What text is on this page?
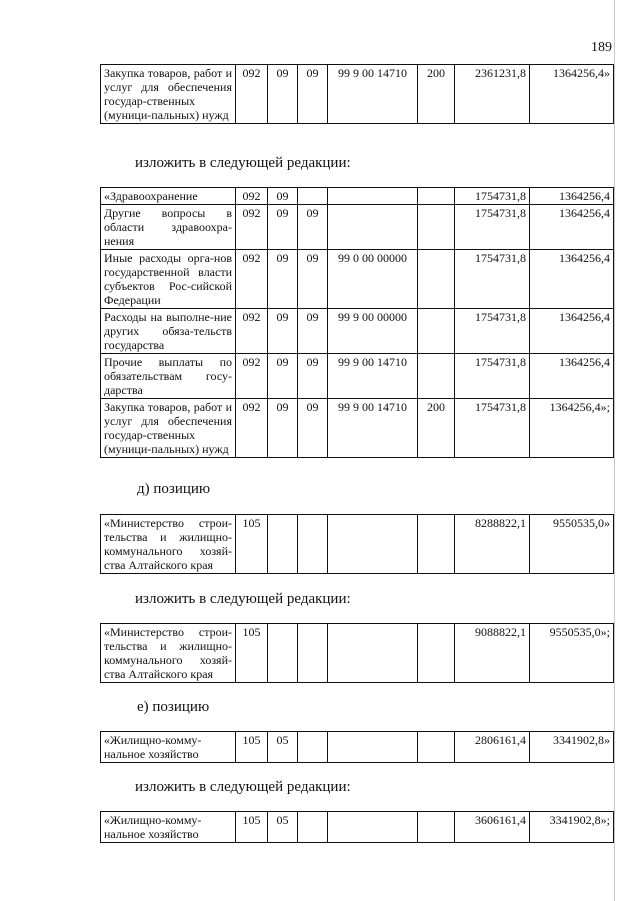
189
Закупка товаров, работ и услуг для обеспечения государ-ственных (муници-пальных) нужд	092	09	09	99 9 00 14710	200	2361231,8	1364256,4»
изложить в следующей редакции:
«Здравоохранение	092	09				1754731,8	1364256,4
Другие вопросы в области здравоохра-нения	092	09	09			1754731,8	1364256,4
Иные расходы орга-нов государственной власти субъектов Рос-сийской Федерации	092	09	09	99 0 00 00000		1754731,8	1364256,4
Расходы на выполне-ние других обяза-тельств государства	092	09	09	99 9 00 00000		1754731,8	1364256,4
Прочие выплаты по обязательствам госу-дарства	092	09	09	99 9 00 14710		1754731,8	1364256,4
Закупка товаров, работ и услуг для обеспечения государ-ственных (муници-пальных) нужд	092	09	09	99 9 00 14710	200	1754731,8	1364256,4»;
д) позицию
«Министерство строи-тельства и жилищно-коммунального хозяй-ства Алтайского края	105					8288822,1	9550535,0»
изложить в следующей редакции:
«Министерство строи-тельства и жилищно-коммунального хозяй-ства Алтайского края	105					9088822,1	9550535,0»;
е) позицию
«Жилищно-комму-нальное хозяйство	105	05				2806161,4	3341902,8»
изложить в следующей редакции:
«Жилищно-комму-нальное хозяйство	105	05				3606161,4	3341902,8»;
